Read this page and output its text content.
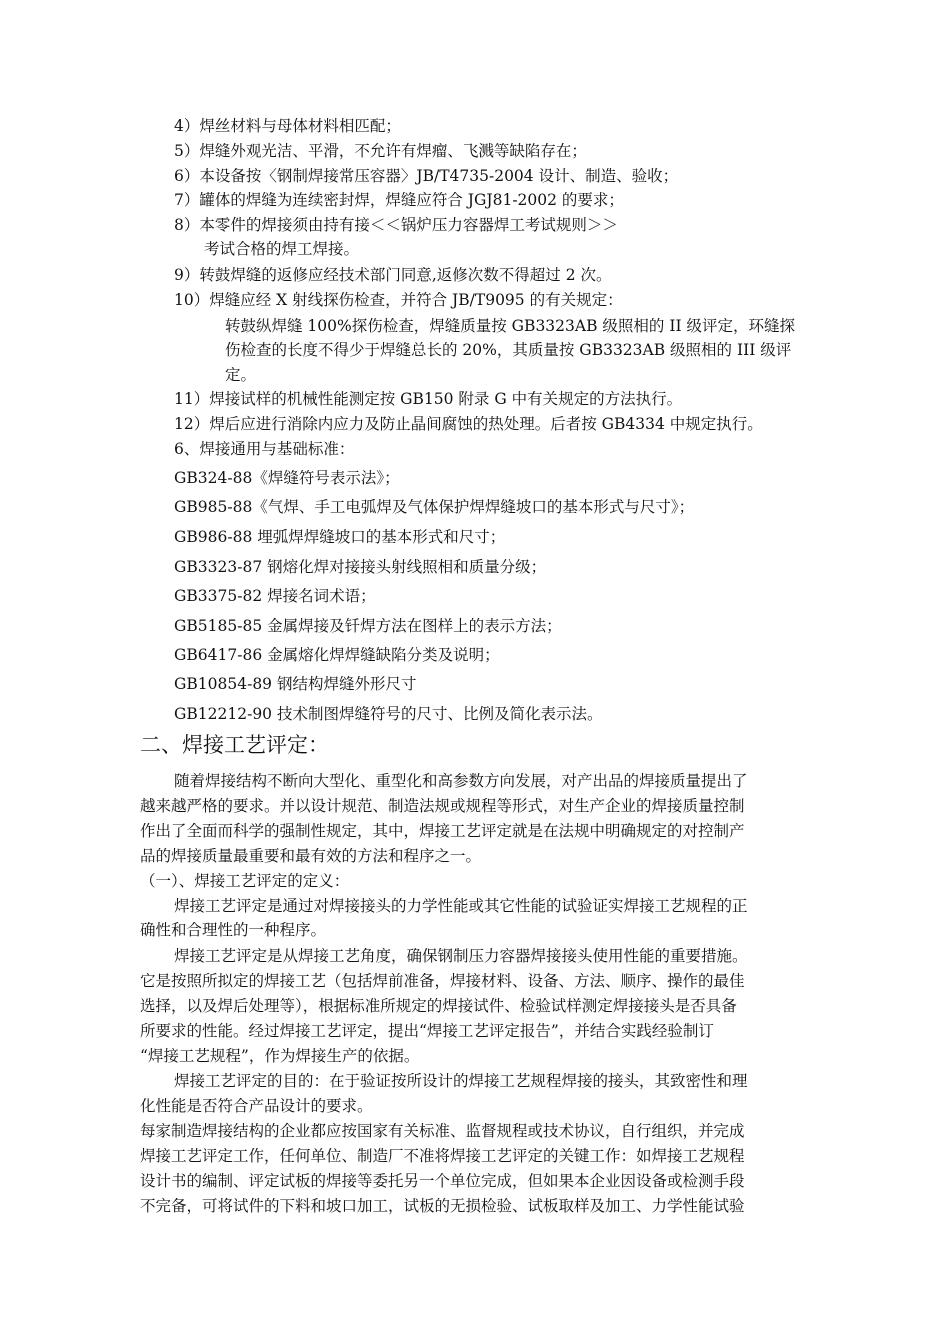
4）焊丝材料与母体材料相匹配；
5）焊缝外观光洁、平滑，不允许有焊瘤、飞溅等缺陷存在；
6）本设备按〈钢制焊接常压容器〉JB/T4735-2004 设计、制造、验收；
7）罐体的焊缝为连续密封焊，焊缝应符合 JGJ81-2002 的要求；
8）本零件的焊接须由持有接＜＜锅炉压力容器焊工考试规则＞＞
考试合格的焊工焊接。
9）转鼓焊缝的返修应经技术部门同意,返修次数不得超过 2 次。
10）焊缝应经 X 射线探伤检查，并符合 JB/T9095 的有关规定：
转鼓纵焊缝 100%探伤检查，焊缝质量按 GB3323AB 级照相的 II 级评定，环缝探
伤检查的长度不得少于焊缝总长的 20%，其质量按 GB3323AB 级照相的 III 级评
定。
11）焊接试样的机械性能测定按 GB150 附录 G 中有关规定的方法执行。
12）焊后应进行消除内应力及防止晶间腐蚀的热处理。后者按 GB4334 中规定执行。
6、焊接通用与基础标准：
GB324-88《焊缝符号表示法》；
GB985-88《气焊、手工电弧焊及气体保护焊焊缝坡口的基本形式与尺寸》；
GB986-88 埋弧焊焊缝坡口的基本形式和尺寸；
GB3323-87 钢熔化焊对接接头射线照相和质量分级；
GB3375-82 焊接名词术语；
GB5185-85 金属焊接及钎焊方法在图样上的表示方法；
GB6417-86 金属熔化焊焊缝缺陷分类及说明；
GB10854-89 钢结构焊缝外形尺寸
GB12212-90 技术制图焊缝符号的尺寸、比例及简化表示法。
二、焊接工艺评定：
随着焊接结构不断向大型化、重型化和高参数方向发展，对产出品的焊接质量提出了
越来越严格的要求。并以设计规范、制造法规或规程等形式，对生产企业的焊接质量控制
作出了全面而科学的强制性规定，其中，焊接工艺评定就是在法规中明确规定的对控制产
品的焊接质量最重要和最有效的方法和程序之一。
（一）、焊接工艺评定的定义：
焊接工艺评定是通过对焊接接头的力学性能或其它性能的试验证实焊接工艺规程的正
确性和合理性的一种程序。
焊接工艺评定是从焊接工艺角度，确保钢制压力容器焊接接头使用性能的重要措施。
它是按照所拟定的焊接工艺（包括焊前准备，焊接材料、设备、方法、顺序、操作的最佳
选择，以及焊后处理等），根据标准所规定的焊接试件、检验试样测定焊接接头是否具备
所要求的性能。经过焊接工艺评定，提出“焊接工艺评定报告”，并结合实践经验制订
“焊接工艺规程”，作为焊接生产的依据。
焊接工艺评定的目的：在于验证按所设计的焊接工艺规程焊接的接头，其致密性和理
化性能是否符合产品设计的要求。
每家制造焊接结构的企业都应按国家有关标准、监督规程或技术协议，自行组织，并完成
焊接工艺评定工作，任何单位、制造厂不准将焊接工艺评定的关键工作：如焊接工艺规程
设计书的编制、评定试板的焊接等委托另一个单位完成，但如果本企业因设备或检测手段
不完备，可将试件的下料和坡口加工，试板的无损检验、试板取样及加工、力学性能试验
